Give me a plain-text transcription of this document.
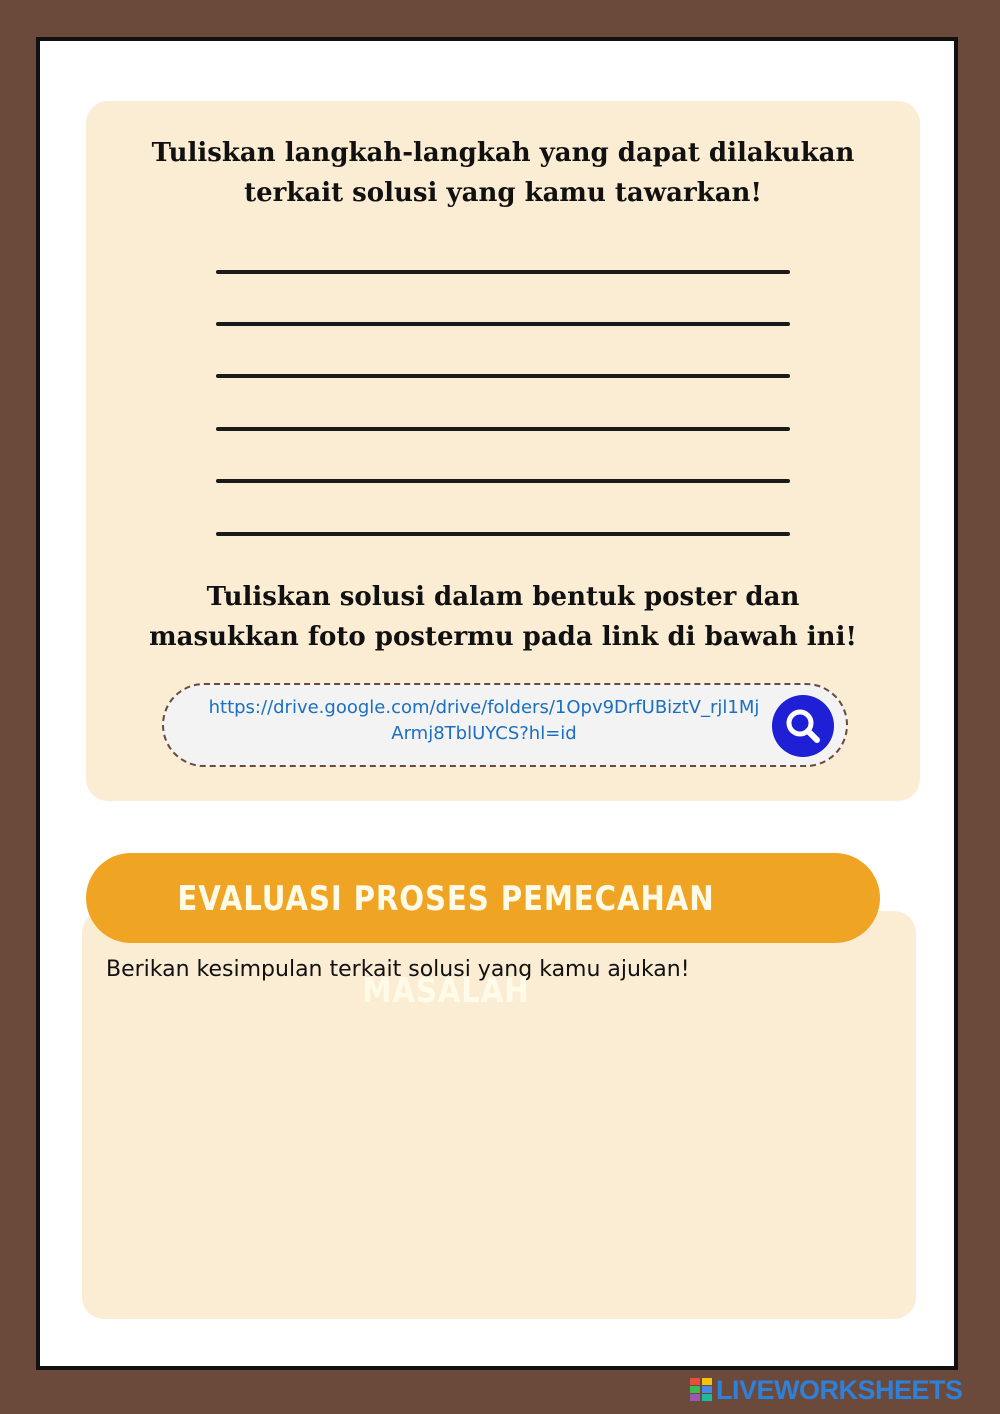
Tuliskan langkah-langkah yang dapat dilakukan
terkait solusi yang kamu tawarkan!
Tuliskan solusi dalam bentuk poster dan
masukkan foto postermu pada link di bawah ini!
https://drive.google.com/drive/folders/1Opv9DrfUBiztV_rjl1Mj
Armj8TblUYCS?hl=id
Berikan kesimpulan terkait solusi yang kamu ajukan!
EVALUASI PROSES PEMECAHAN MASALAH
LIVEWORKSHEETS
